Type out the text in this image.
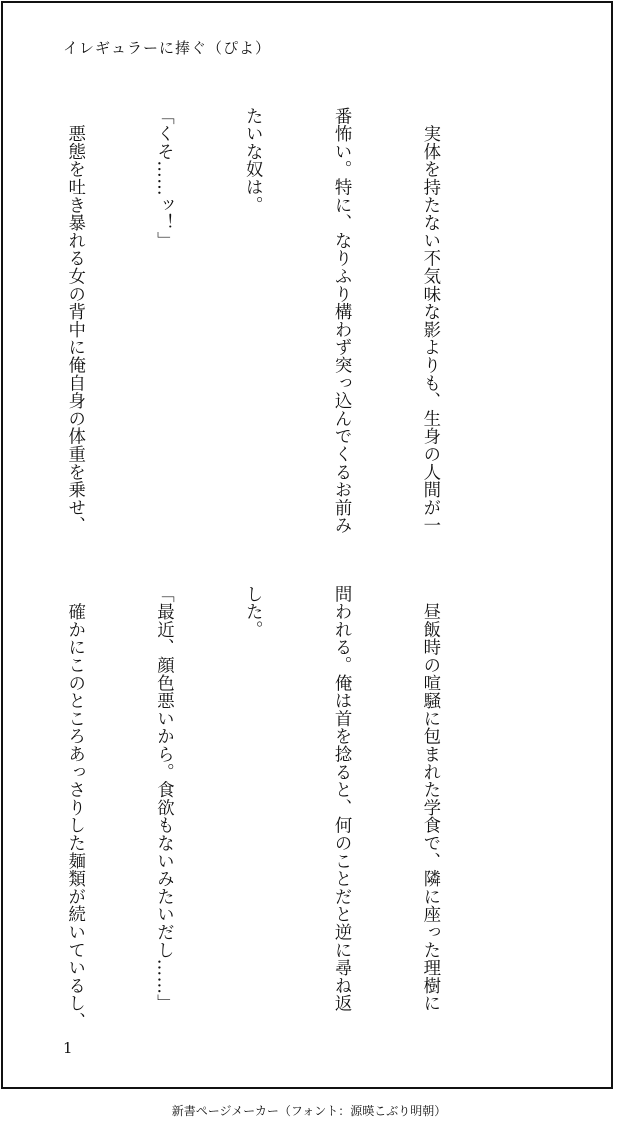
イレギュラーに捧ぐ（ぴよ）

　実体を持たない不気味な影よりも、生身の人間が一

番怖い。特に、なりふり構わず突っ込んでくるお前み

たいな奴は。

「くそ……ッ！」

　悪態を吐き暴れる女の背中に俺自身の体重を乗せ、

　昼飯時の喧騒に包まれた学食で、隣に座った理樹に

問われる。俺は首を捻ると、何のことだと逆に尋ね返

した。

「最近、顔色悪いから。食欲もないみたいだし……」

　確かにこのところあっさりした麺類が続いているし、

1
新書ページメーカー（フォント：源暎こぶり明朝）
